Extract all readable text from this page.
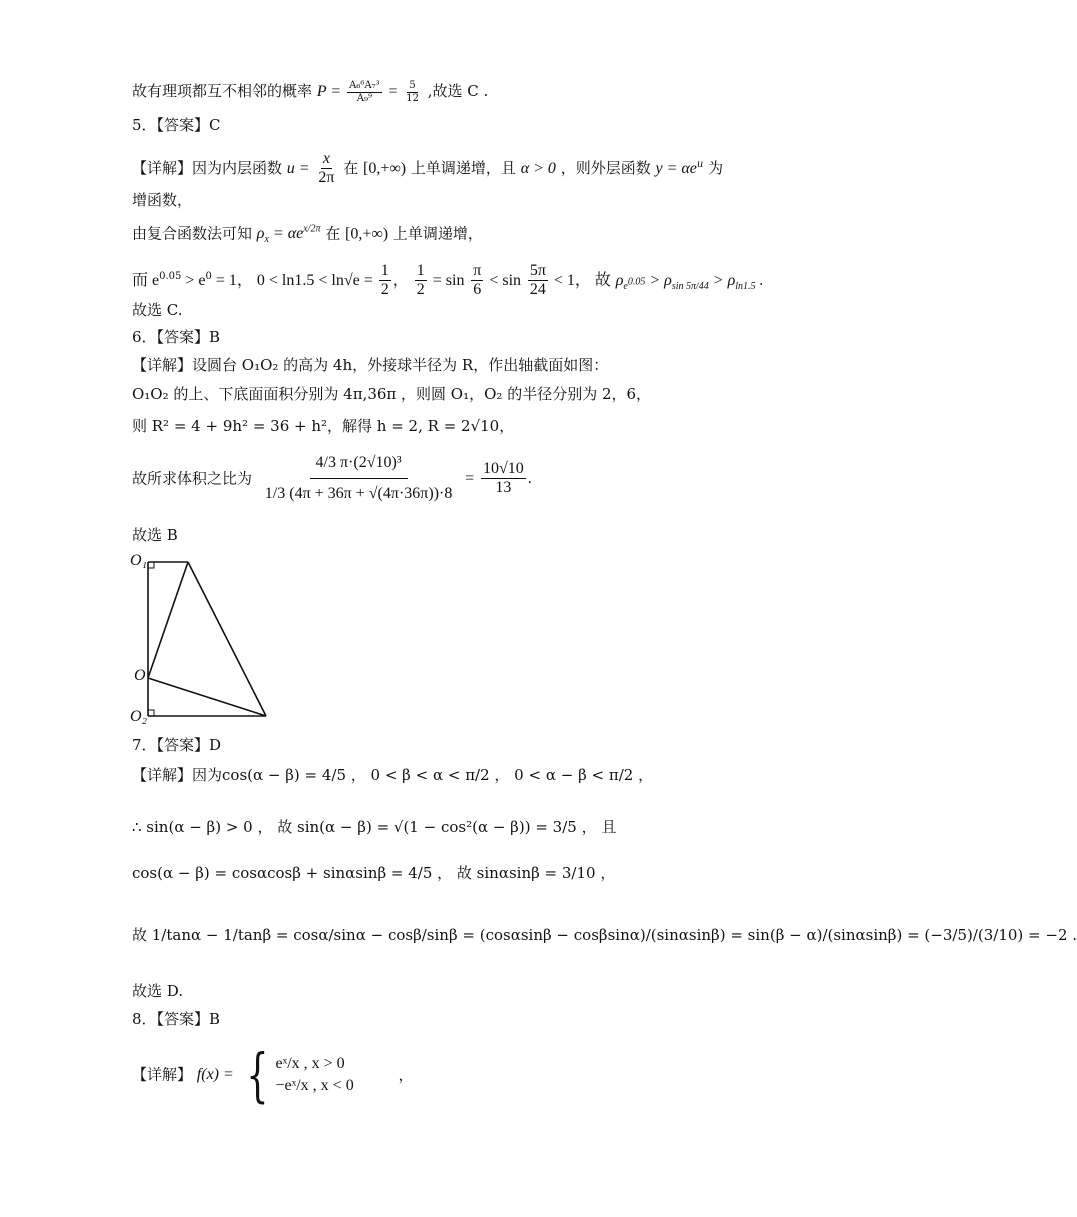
故有理项都互不相邻的概率 $P = \frac{\text{A₆⁶A₇³}}{\text{A₉⁹}} = \frac{5}{12}$ ,故选 C .
5．【答案】C
【详解】因为内层函数 $u = \frac{x}{2\pi}$ 在 [0,+∞) 上单调递增，且 α > 0 ，则外层函数 $y = \alpha e^u$ 为
增函数，
由复合函数法可知 $\rho_x = \alpha e^{x/2\pi}$ 在 [0,+∞) 上单调递增，
而 $e^{0.05} > e^0 = 1$， $0 < \ln 1.5 < \ln√e = \frac{1}{2}$ ， $\frac{1}{2} = \sin \frac{\pi}{6} < \sin \frac{5\pi}{24} < 1$， 故 $\rho_{e^{0.05}} > \rho_{sin 5\pi/44} > \rho_{ln1.5}$ .
故选 C.
6．【答案】B
【详解】设圆台 O₁O₂ 的高为 4h，外接球半径为 R，作出轴截面如图：
O₁O₂ 的上、下底面面积分别为 4π,36π ，则圆 O₁，O₂ 的半径分别为 2，6，
则 R² = 4 + 9h² = 36 + h²，解得 h = 2, R = 2√10，
故所求体积之比为 $\frac{\text{4/3 π·(2√10)³}}{1/3 (4\pi + 36\pi + √(4\pi\cdot 36\pi))\cdot 8} = \frac{10√10}{13}$ .
故选 B
O₁
O
O₂
7．【答案】D
【详解】因为cos(α − β) = 4/5 ， 0 < β < α < π/2 ， 0 < α − β < π/2 ，
∴ sin(α − β) > 0 ， 故 sin(α − β) = √(1 − cos²(α − β)) = 3/5 ， 且
cos(α − β) = cosαcosβ + sinαsinβ = 4/5 ， 故 sinαsinβ = 3/10 ，
故 1/tanα − 1/tanβ = cosα/sinα − cosβ/sinβ = (cosαsinβ − cosβsinα)/(sinαsinβ) = sin(β − α)/(sinαsinβ) = (−3/5)/(3/10) = −2 .
故选 D.
8．【答案】B
【详解】 f(x) = { eˣ/x , x > 0
−eˣ/x , x < 0
，
